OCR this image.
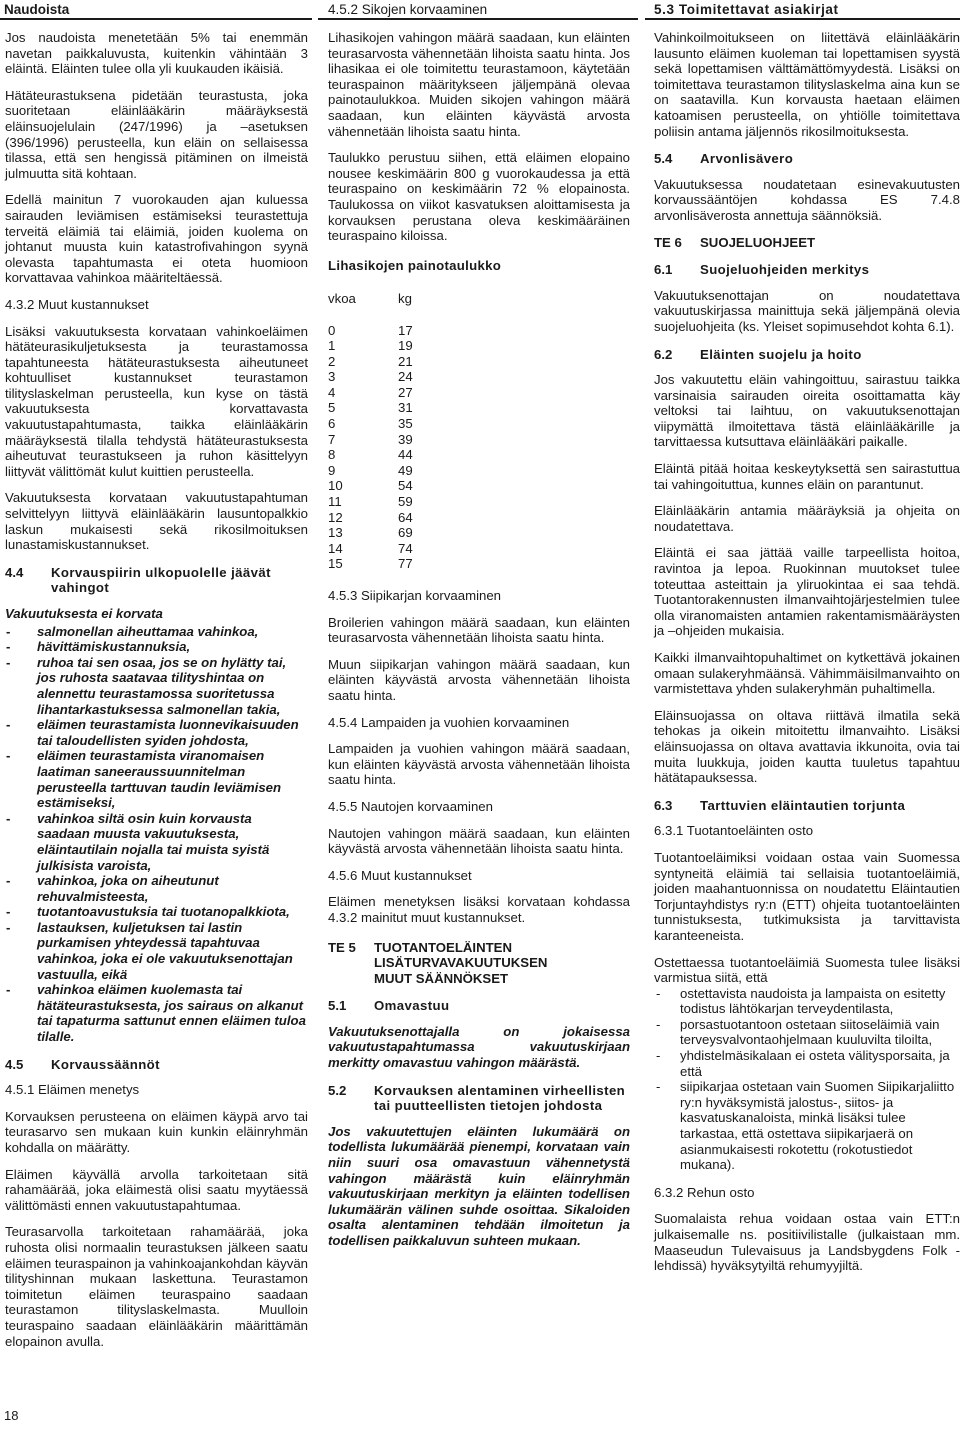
Naudoista

Jos naudoista menetetään 5% tai enemmän navetan paikkaluvusta, kuitenkin vähintään 3 eläintä. Eläinten tulee olla yli kuukauden ikäisiä.

Hätäteurastuksena pidetään teurastusta, joka suoritetaan eläinlääkärin määräyksestä eläinsuojelulain (247/1996) ja –asetuksen (396/1996) perusteella, kun eläin on sellaisessa tilassa, että sen hengissä pitäminen on ilmeistä julmuutta sitä kohtaan.

Edellä mainitun 7 vuorokauden ajan kuluessa sairauden leviämisen estämiseksi teurastettuja terveitä eläimiä tai eläimiä, joiden kuolema on johtanut muusta kuin katastrofivahingon syynä olevasta tapahtumasta ei oteta huomioon korvattavaa vahinkoa määriteltäessä.

4.3.2 Muut kustannukset

Lisäksi vakuutuksesta korvataan vahinkoeläimen hätäteurasikuljetuksesta ja teurastamossa tapahtuneesta hätäteurastuksesta aiheutuneet kohtuulliset kustannukset teurastamon tilityslaskelman perusteella, kun kyse on tästä vakuutuksesta korvattavasta vakuutustapahtumasta, taikka eläinlääkärin määräyksestä tilalla tehdystä hätäteurastuksesta aiheutuvat teurastukseen ja ruhon käsittelyyn liittyvät välittömät kulut kuittien perusteella.

Vakuutuksesta korvataan vakuutustapahtuman selvittelyyn liittyvä eläinlääkärin lausuntopalkkio laskun mukaisesti sekä rikosilmoituksen lunastamiskustannukset.

4.4	Korvauspiirin ulkopuolelle jäävät vahingot
Vakuutuksesta ei korvata
- salmonellan aiheuttamaa vahinkoa,
- hävittämiskustannuksia,
- ruhoa tai sen osaa, jos se on hylätty tai, jos ruhosta saatavaa tilityshintaa on alennettu teurastamossa suoritetussa lihantarkastuksessa salmonellan takia,
- eläimen teurastamista luonnevikaisuuden tai taloudellisten syiden johdosta,
- eläimen teurastamista viranomaisen laatiman saneeraussuunnitelman perusteella tarttuvan taudin leviämisen estämiseksi,
- vahinkoa siltä osin kuin korvausta saadaan muusta vakuutuksesta, eläintautilain nojalla tai muista syistä julkisista varoista,
- vahinkoa, joka on aiheutunut rehuvalmisteesta,
- tuotantoavustuksia tai tuotanopalkkiota,
- lastauksen, kuljetuksen tai lastin purkamisen yhteydessä tapahtuvaa vahinkoa, joka ei ole vakuutuksenottajan vastuulla, eikä
- vahinkoa eläimen kuolemasta tai hätäteurastuksesta, jos sairaus on alkanut tai tapaturma sattunut ennen eläimen tuloa tilalle.
4.5	Korvaussäännöt
4.5.1 Eläimen menetys

Korvauksen perusteena on eläimen käypä arvo tai teurasarvo sen mukaan kuin kunkin eläinryhmän kohdalla on määrätty.

Eläimen käyvällä arvolla tarkoitetaan sitä rahamäärää, joka eläimestä olisi saatu myytäessä välittömästi ennen vakuutustapahtumaa.

Teurasarvolla tarkoitetaan rahamäärää, joka ruhosta olisi normaalin teurastuksen jälkeen saatu eläimen teuraspainon ja vahinkoajankohdan käyvän tilityshinnan mukaan laskettuna. Teurastamon toimitetun eläimen teuraspaino saadaan teurastamon tilityslaskelmasta. Muulloin teuraspaino saadaan eläinlääkärin määrittämän elopainon avulla.

4.5.2 Sikojen korvaaminen

Lihasikojen vahingon määrä saadaan, kun eläinten teurasarvosta vähennetään lihoista saatu hinta. Jos lihasikaa ei ole toimitettu teurastamoon, käytetään teuraspainon määritykseen jäljempänä olevaa painotaulukkoa. Muiden sikojen vahingon määrä saadaan, kun eläinten käyvästä arvosta vähennetään lihoista saatu hinta.

Taulukko perustuu siihen, että eläimen elopaino nousee keskimäärin 800 g vuorokaudessa ja että teuraspaino on keskimäärin 72 % elopainosta. Taulukossa on viikot kasvatuksen aloittamisesta ja korvauksen perustana oleva keskimääräinen teuraspaino kiloissa.

Lihasikojen painotaulukko
vkoa	kg

0	17
1	19
2	21
3	24
4	27
5	31
6	35
7	39
8	44
9	49
10	54
11	59
12	64
13	69
14	74
15	77
4.5.3 Siipikarjan korvaaminen

Broilerien vahingon määrä saadaan, kun eläinten teurasarvosta vähennetään lihoista saatu hinta.

Muun siipikarjan vahingon määrä saadaan, kun eläinten käyvästä arvosta vähennetään lihoista saatu hinta.

4.5.4 Lampaiden ja vuohien korvaaminen

Lampaiden ja vuohien vahingon määrä saadaan, kun eläinten käyvästä arvosta vähennetään lihoista saatu hinta.

4.5.5 Nautojen korvaaminen

Nautojen vahingon määrä saadaan, kun eläinten käyvästä arvosta vähennetään lihoista saatu hinta.

4.5.6 Muut kustannukset

Eläimen menetyksen lisäksi korvataan kohdassa 4.3.2 mainitut muut kustannukset.

TE 5	TUOTANTOELÄINTEN LISÄTURVAVAKUUTUKSEN MUUT SÄÄNNÖKSET
5.1	Omavastuu

Vakuutuksenottajalla on jokaisessa vakuutustapahtumassa vakuutuskirjaan merkitty omavastuu vahingon määrästä.

5.2	Korvauksen alentaminen virheellisten tai puutteellisten tietojen johdosta

Jos vakuutettujen eläinten lukumäärä on todellista lukumäärää pienempi, korvataan vain niin suuri osa omavastuun vähennetystä vahingon määrästä kuin eläinryhmän vakuutuskirjaan merkityn ja eläinten todellisen lukumäärän välinen suhde osoittaa. Sikaloiden osalta alentaminen tehdään ilmoitetun ja todellisen paikkaluvun suhteen mukaan.

5.3 Toimitettavat asiakirjat

Vahinkoilmoitukseen on liitettävä eläinlääkärin lausunto eläimen kuoleman tai lopettamisen syystä sekä lopettamisen välttämättömyydestä. Lisäksi on toimitettava teurastamon tilityslaskelma aina kun se on saatavilla. Kun korvausta haetaan eläimen katoamisen perusteella, on yhtiölle toimitettava poliisin antama jäljennös rikosilmoituksesta.

5.4	Arvonlisävero

Vakuutuksessa noudatetaan esinevakuutusten korvaussääntöjen kohdassa ES 7.4.8 arvonlisäverosta annettuja säännöksiä.

TE 6	SUOJELUOHJEET
6.1	Suojeluohjeiden merkitys

Vakuutuksenottajan on noudatettava vakuutuskirjassa mainittuja sekä jäljempänä olevia suojeluohjeita (ks. Yleiset sopimusehdot kohta 6.1).

6.2	Eläinten suojelu ja hoito

Jos vakuutettu eläin vahingoittuu, sairastuu taikka varsinaisia sairauden oireita osoittamatta käy veltoksi tai laihtuu, on vakuutuksenottajan viipymättä ilmoitettava tästä eläinlääkärille ja tarvittaessa kutsuttava eläinlääkäri paikalle.

Eläintä pitää hoitaa keskeytyksettä sen sairastuttua tai vahingoituttua, kunnes eläin on parantunut.

Eläinlääkärin antamia määräyksiä ja ohjeita on noudatettava.

Eläintä ei saa jättää vaille tarpeellista hoitoa, ravintoa ja lepoa. Ruokinnan muutokset tulee toteuttaa asteittain ja yliruokintaa ei saa tehdä. Tuotantorakennusten ilmanvaihtojärjestelmien tulee olla viranomaisten antamien rakentamismääräysten ja –ohjeiden mukaisia.

Kaikki ilmanvaihtopuhaltimet on kytkettävä jokainen omaan sulakeryhmäänsä. Vähimmäisilmanvaihto on varmistettava yhden sulakeryhmän puhaltimella.

Eläinsuojassa on oltava riittävä ilmatila sekä tehokas ja oikein mitoitettu ilmanvaihto. Lisäksi eläinsuojassa on oltava avattavia ikkunoita, ovia tai muita luukkuja, joiden kautta tuuletus tapahtuu hätätapauksessa.

6.3	Tarttuvien eläintautien torjunta
6.3.1 Tuotantoeläinten osto

Tuotantoeläimiksi voidaan ostaa vain Suomessa syntyneitä eläimiä tai sellaisia tuotantoeläimiä, joiden maahantuonnissa on noudatettu Eläintautien Torjuntayhdistys ry:n (ETT) ohjeita tuotantoeläinten tunnistuksesta, tutkimuksista ja tarvittavista karanteeneista.

Ostettaessa tuotantoeläimiä Suomesta tulee lisäksi varmistua siitä, että

- ostettavista naudoista ja lampaista on esitetty todistus lähtökarjan terveydentilasta,
- porsastuotantoon ostetaan siitoseläimiä vain terveysvalvontaohjelmaan kuuluvilta tiloilta,
- yhdistelmäsikalaan ei osteta välitysporsaita, ja että
- siipikarjaa ostetaan vain Suomen Siipikarjaliitto ry:n hyväksymistä jalostus-, siitos- ja kasvatuskanaloista, minkä lisäksi tulee tarkastaa, että ostettava siipikarjaerä on asianmukaisesti rokotettu (rokotustiedot mukana).
6.3.2 Rehun osto

Suomalaista rehua voidaan ostaa vain ETT:n julkaisemalle ns. positiivilistalle (julkaistaan mm. Maaseudun Tulevaisuus ja Landsbygdens Folk -lehdissä) hyväksytyiltä rehumyyjiltä.

18
